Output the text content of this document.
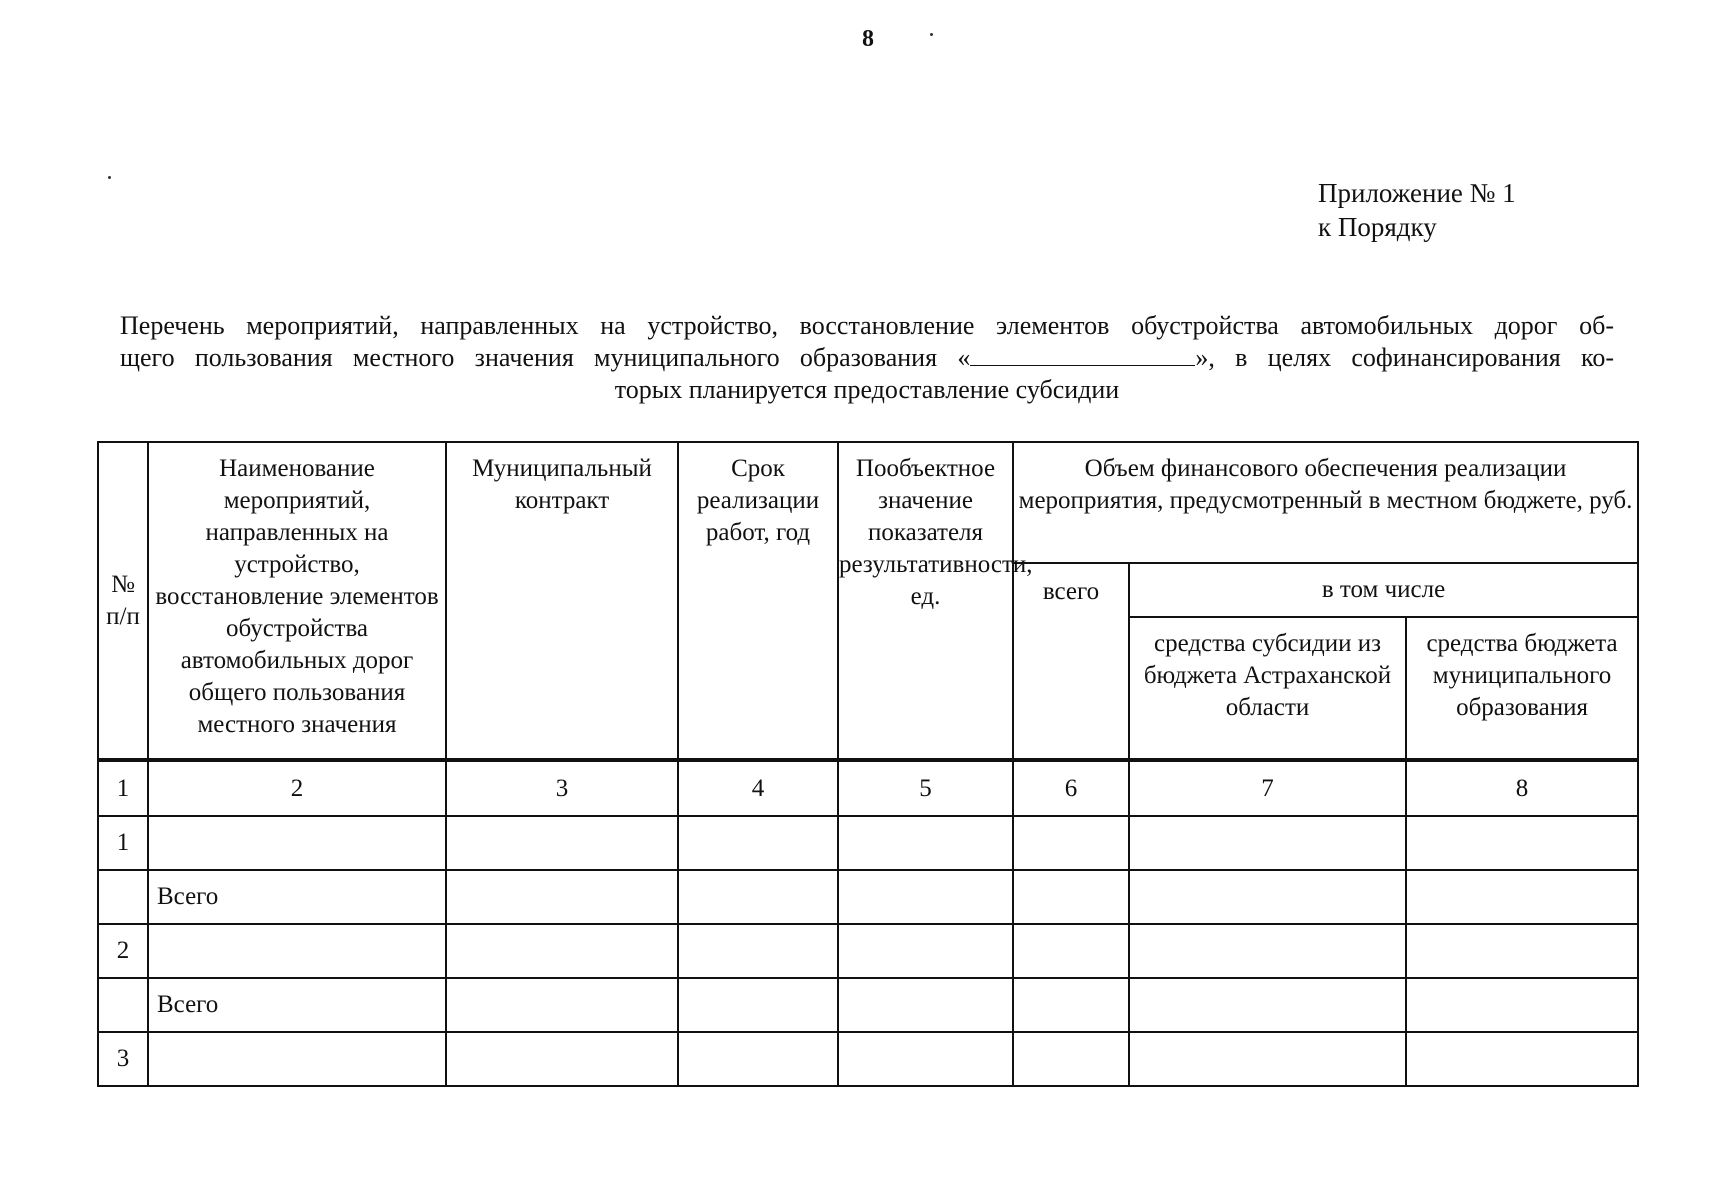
8
Приложение № 1
к Порядку
Перечень мероприятий, направленных на устройство, восстановление элементов обустройства автомобильных дорог об-
щего пользования местного значения муниципального образования «	», в целях софинансирования ко-
торых планируется предоставление субсидии
№ п/п	Наименование мероприятий, направленных на устройство, восстановление элементов обустройства автомобильных дорог общего пользования местного значения	Муниципальный контракт	Срок реализации работ, год	Пообъектное значение показателя результативности, ед.	Объем финансового обеспечения реализации мероприятия, предусмотренный в местном бюджете, руб.		
					всего	в том числе	
						средства субсидии из бюджета Астраханской области	средства бюджета муниципального образования
1	2	3	4	5	6	7	8
1							
	Всего						
2							
	Всего						
3							
